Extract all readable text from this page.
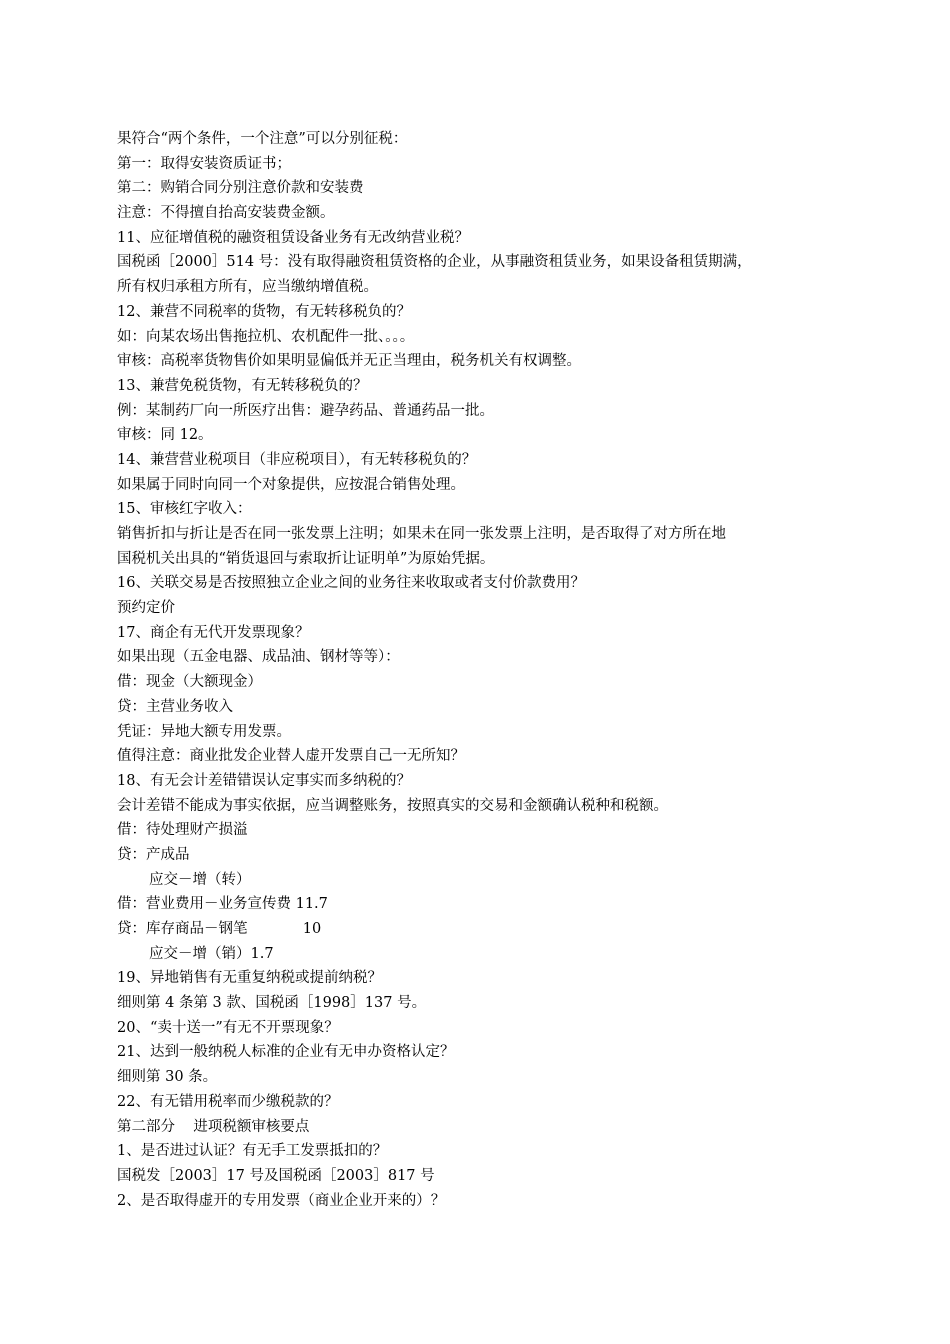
果符合“两个条件，一个注意”可以分别征税：
第一：取得安装资质证书；
第二：购销合同分别注意价款和安装费
注意：不得擅自抬高安装费金额。
11、应征增值税的融资租赁设备业务有无改纳营业税？
国税函［2000］514 号：没有取得融资租赁资格的企业，从事融资租赁业务，如果设备租赁期满，
所有权归承租方所有，应当缴纳增值税。
12、兼营不同税率的货物，有无转移税负的？
如：向某农场出售拖拉机、农机配件一批、。。。
审核：高税率货物售价如果明显偏低并无正当理由，税务机关有权调整。
13、兼营免税货物，有无转移税负的？
例：某制药厂向一所医疗出售：避孕药品、普通药品一批。
审核：同 12。
14、兼营营业税项目（非应税项目），有无转移税负的？
如果属于同时向同一个对象提供，应按混合销售处理。
15、审核红字收入：
销售折扣与折让是否在同一张发票上注明；如果未在同一张发票上注明，是否取得了对方所在地
国税机关出具的“销货退回与索取折让证明单”为原始凭据。
16、关联交易是否按照独立企业之间的业务往来收取或者支付价款费用？
预约定价
17、商企有无代开发票现象？
如果出现（五金电器、成品油、钢材等等）：
借：现金（大额现金）
贷：主营业务收入
凭证：异地大额专用发票。
值得注意：商业批发企业替人虚开发票自己一无所知？
18、有无会计差错错误认定事实而多纳税的？
会计差错不能成为事实依据，应当调整账务，按照真实的交易和金额确认税种和税额。
借：待处理财产损溢
贷：产成品
应交－增（转）
借：营业费用－业务宣传费 11.7
贷：库存商品－钢笔            10
应交－增（销）1.7
19、异地销售有无重复纳税或提前纳税？
细则第 4 条第 3 款、国税函［1998］137 号。
20、“卖十送一”有无不开票现象？
21、达到一般纳税人标准的企业有无申办资格认定？
细则第 30 条。
22、有无错用税率而少缴税款的？
第二部分    进项税额审核要点
1、是否进过认证？有无手工发票抵扣的？
国税发［2003］17 号及国税函［2003］817 号
2、是否取得虚开的专用发票（商业企业开来的）？
